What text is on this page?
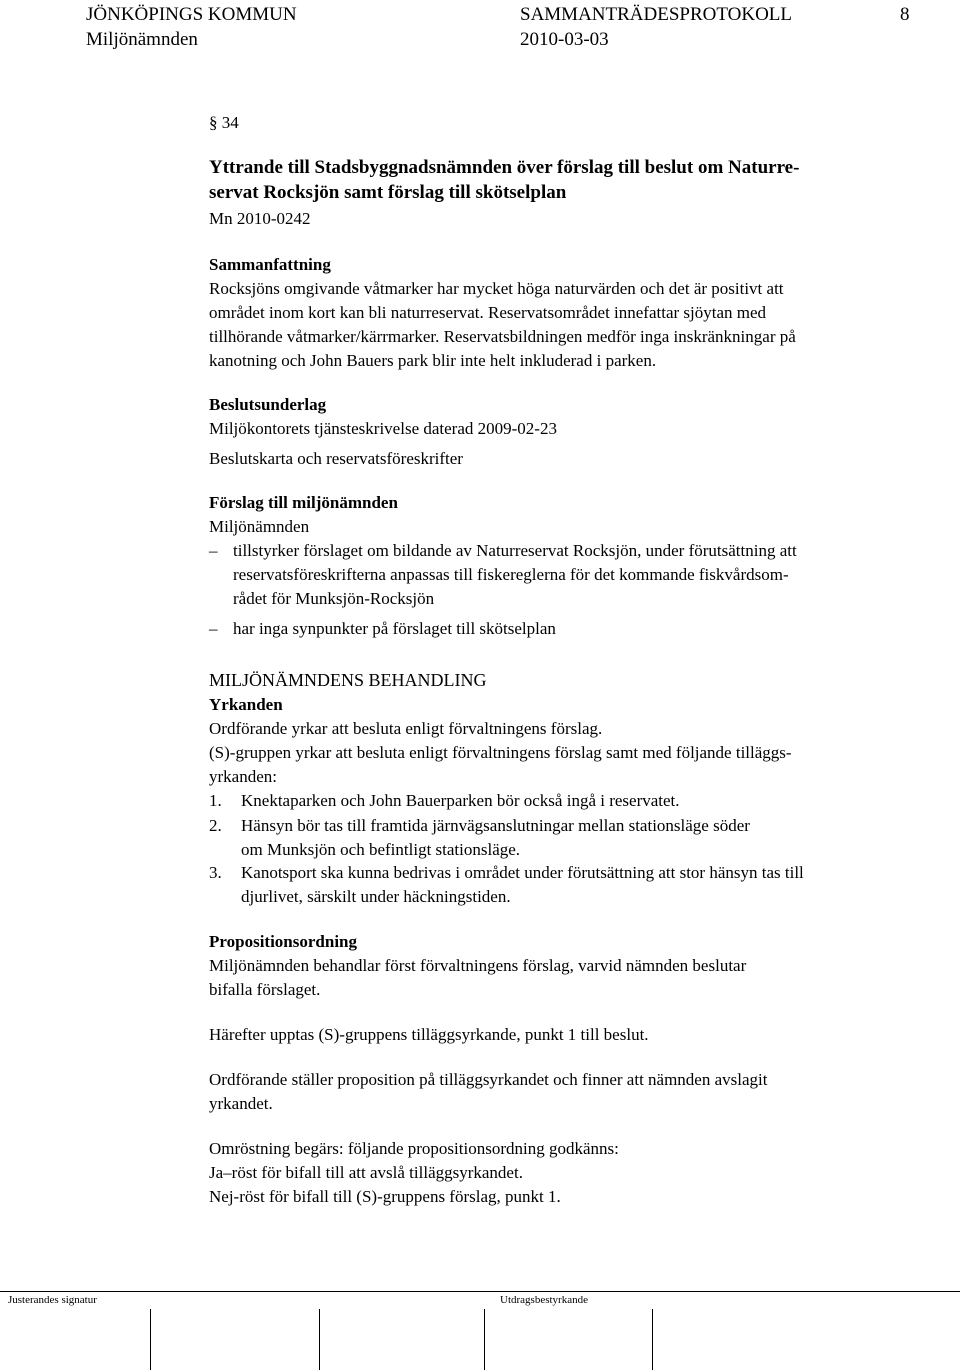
JÖNKÖPINGS KOMMUN	SAMMANTRÄDESPROTOKOLL	8
Miljönämnden	2010-03-03
§ 34
Yttrande till Stadsbyggnadsnämnden över förslag till beslut om Naturre-
servat Rocksjön samt förslag till skötselplan
Mn 2010-0242
Sammanfattning
Rocksjöns omgivande våtmarker har mycket höga naturvärden och det är positivt att
området inom kort kan bli naturreservat. Reservatsområdet innefattar sjöytan med
tillhörande våtmarker/kärrmarker. Reservatsbildningen medför inga inskränkningar på
kanotning och John Bauers park blir inte helt inkluderad i parken.
Beslutsunderlag
Miljökontorets tjänsteskrivelse daterad 2009-02-23
Beslutskarta och reservatsföreskrifter
Förslag till miljönämnden
Miljönämnden
– tillstyrker förslaget om bildande av Naturreservat Rocksjön, under förutsättning att
reservatsföreskrifterna anpassas till fiskereglerna för det kommande fiskvårdsom-
rådet för Munksjön-Rocksjön
– har inga synpunkter på förslaget till skötselplan
MILJÖNÄMNDENS BEHANDLING
Yrkanden
Ordförande yrkar att besluta enligt förvaltningens förslag.
(S)-gruppen yrkar att besluta enligt förvaltningens förslag samt med följande tilläggs-
yrkanden:
1. Knektaparken och John Bauerparken bör också ingå i reservatet.
2. Hänsyn bör tas till framtida järnvägsanslutningar mellan stationsläge söder
om Munksjön och befintligt stationsläge.
3. Kanotsport ska kunna bedrivas i området under förutsättning att stor hänsyn tas till
djurlivet, särskilt under häckningstiden.
Propositionsordning
Miljönämnden behandlar först förvaltningens förslag, varvid nämnden beslutar
bifalla förslaget.
Härefter upptas (S)-gruppens tilläggsyrkande, punkt 1 till beslut.
Ordförande ställer proposition på tilläggsyrkandet och finner att nämnden avslagit
yrkandet.
Omröstning begärs: följande propositionsordning godkänns:
Ja–röst för bifall till att avslå tilläggsyrkandet.
Nej-röst för bifall till (S)-gruppens förslag, punkt 1.
Justerandes signatur	Utdragsbestyrkande
